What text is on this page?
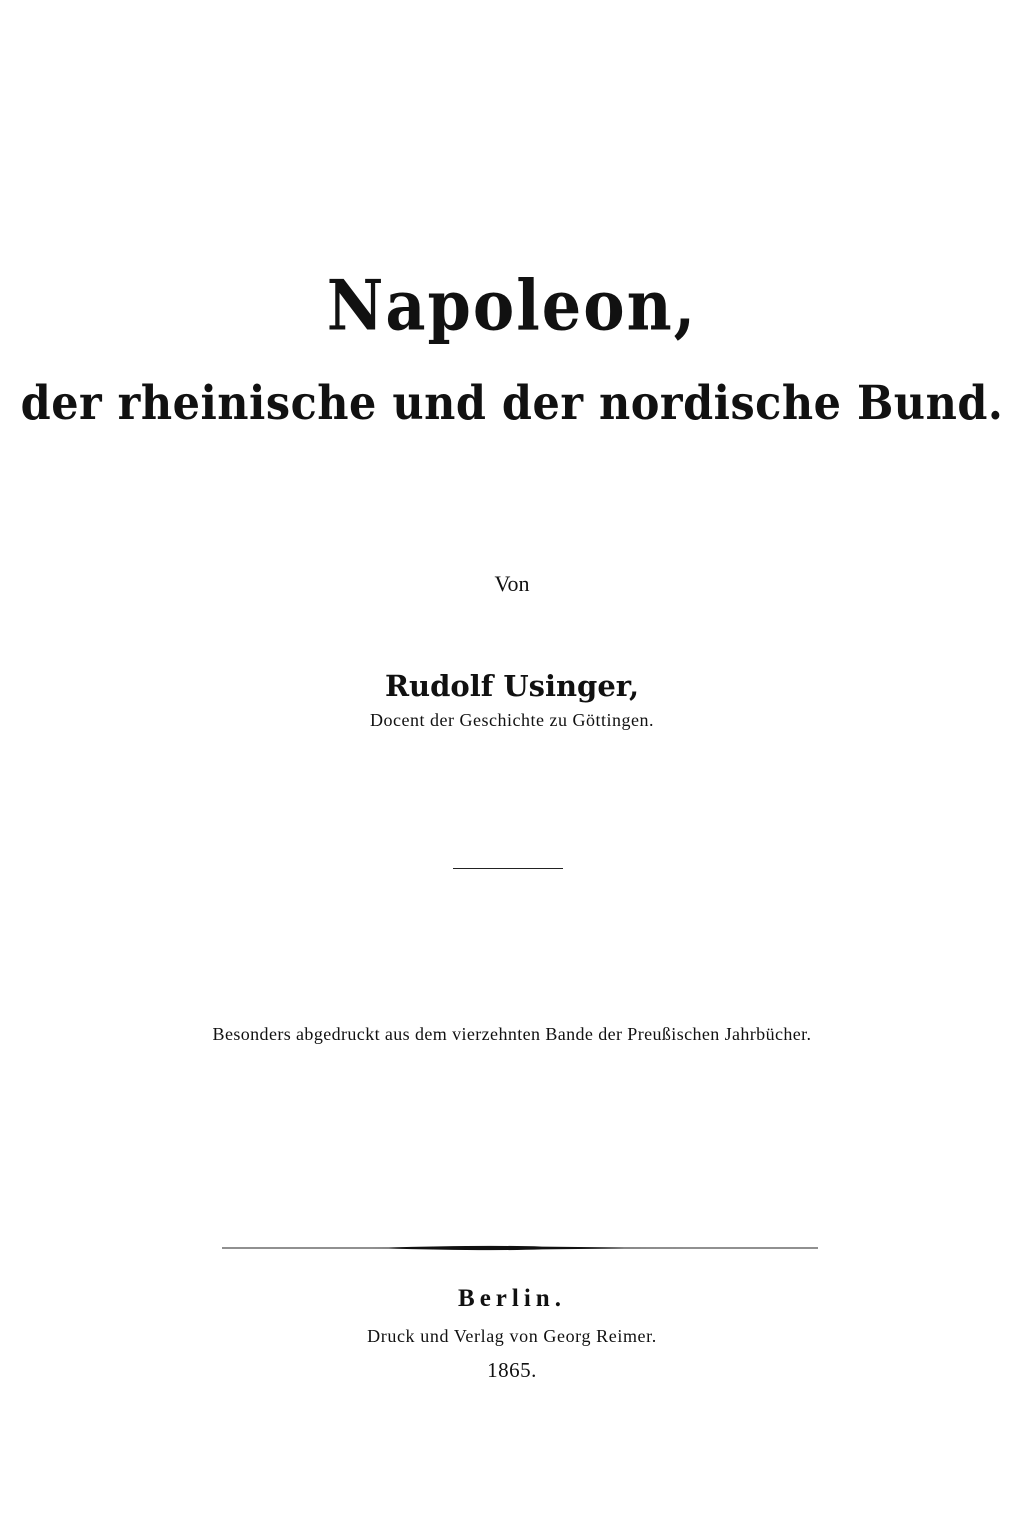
Napoleon,
der rheinische und der nordische Bund.
Von
Rudolf Usinger,
Docent der Geschichte zu Göttingen.
Besonders abgedruckt aus dem vierzehnten Bande der Preußischen Jahrbücher.
Berlin.
Druck und Verlag von Georg Reimer.
1865.
